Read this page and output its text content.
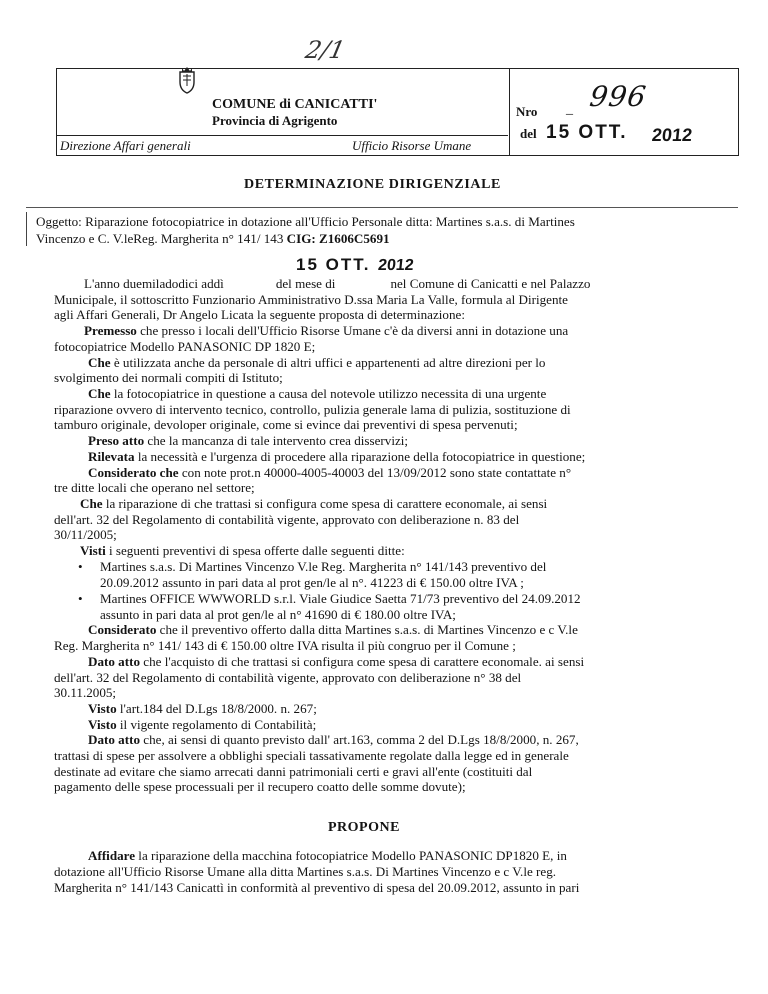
2/1
COMUNE di CANICATTI'
Provincia di Agrigento
Direzione Affari generali	Ufficio Risorse Umane
Nro _ 996
del 15 OTT. 2012
DETERMINAZIONE DIRIGENZIALE
Oggetto: Riparazione fotocopiatrice in dotazione all'Ufficio Personale ditta: Martines s.a.s. di Martines
Vincenzo e C. V.leReg. Margherita n° 141/ 143 CIG: Z1606C5691
15 OTT. 2012
L'anno duemiladodici addì	del mese di	nel Comune di Canicatti e nel Palazzo
Municipale, il sottoscritto Funzionario Amministrativo D.ssa Maria La Valle, formula al Dirigente
agli Affari Generali, Dr Angelo Licata la seguente proposta di determinazione:
Premesso che presso i locali dell'Ufficio Risorse Umane c'è da diversi anni in dotazione una
fotocopiatrice Modello PANASONIC DP 1820 E;
Che è utilizzata anche da personale di altri uffici e appartenenti ad altre direzioni per lo
svolgimento dei normali compiti di Istituto;
Che la fotocopiatrice in questione a causa del notevole utilizzo necessita di una urgente
riparazione ovvero di intervento tecnico, controllo, pulizia generale lama di pulizia, sostituzione di
tamburo originale, devoloper originale, come si evince dai preventivi di spesa pervenuti;
Preso atto che la mancanza di tale intervento crea disservizi;
Rilevata la necessità e l'urgenza di procedere alla riparazione della fotocopiatrice in questione;
Considerato che con note prot.n 40000-4005-40003 del 13/09/2012 sono state contattate n°
tre ditte locali che operano nel settore;
Che la riparazione di che trattasi si configura come spesa di carattere economale, ai sensi
dell'art. 32 del Regolamento di contabilità vigente, approvato con deliberazione n. 83 del
30/11/2005;
Visti i seguenti preventivi di spesa offerte dalle seguenti ditte:
• Martines s.a.s. Di Martines Vincenzo V.le Reg. Margherita n° 141/143 preventivo del
20.09.2012 assunto in pari data al prot gen/le al n°. 41223 di € 150.00 oltre IVA ;
• Martines OFFICE WWWORLD s.r.l. Viale Giudice Saetta 71/73 preventivo del 24.09.2012
assunto in pari data al prot gen/le al n° 41690 di € 180.00 oltre IVA;
Considerato che il preventivo offerto dalla ditta Martines s.a.s. di Martines Vincenzo e c V.le
Reg. Margherita n° 141/ 143 di € 150.00 oltre IVA risulta il più congruo per il Comune ;
Dato atto che l'acquisto di che trattasi si configura come spesa di carattere economale. ai sensi
dell'art. 32 del Regolamento di contabilità vigente, approvato con deliberazione n° 38 del
30.11.2005;
Visto l'art.184 del D.Lgs 18/8/2000. n. 267;
Visto il vigente regolamento di Contabilità;
Dato atto che, ai sensi di quanto previsto dall' art.163, comma 2 del D.Lgs 18/8/2000, n. 267,
trattasi di spese per assolvere a obblighi speciali tassativamente regolate dalla legge ed in generale
destinate ad evitare che siamo arrecati danni patrimoniali certi e gravi all'ente (costituiti dal
pagamento delle spese processuali per il recupero coatto delle somme dovute);
PROPONE
Affidare la riparazione della macchina fotocopiatrice Modello PANASONIC DP1820 E, in
dotazione all'Ufficio Risorse Umane alla ditta Martines s.a.s. Di Martines Vincenzo e c V.le reg.
Margherita n° 141/143 Canicattì in conformità al preventivo di spesa del 20.09.2012, assunto in pari
